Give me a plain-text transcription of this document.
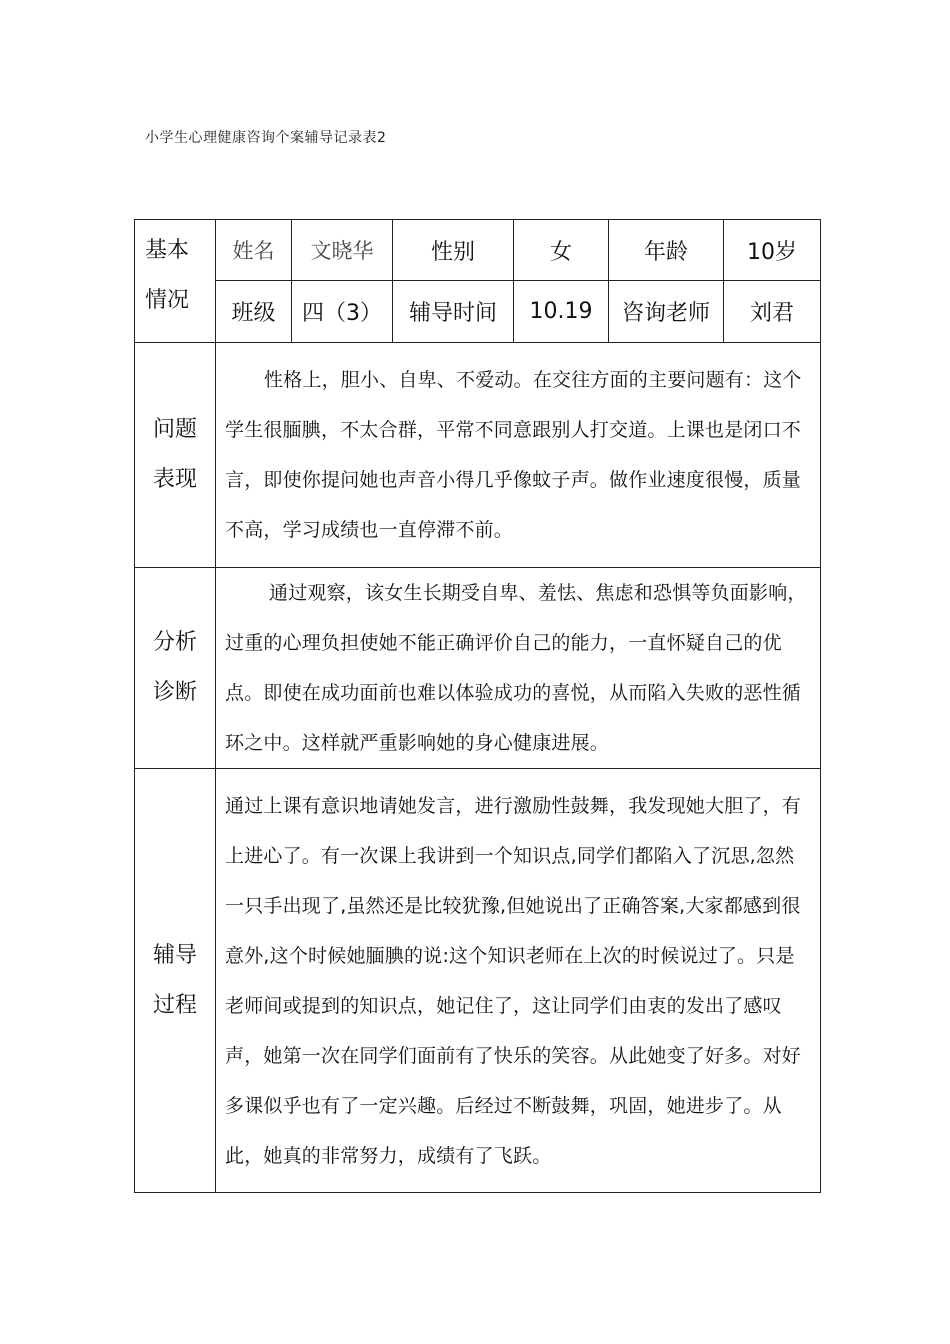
小学生心理健康咨询个案辅导记录表2
基本
情况	姓名	文晓华	性别	女	年龄	10岁
	班级	四（3）	辅导时间	10.19	咨询老师	刘君

问题
表现	性格上，胆小、自卑、不爱动。在交往方面的主要问题有：这个学生很腼腆，不太合群，平常不同意跟别人打交道。上课也是闭口不言，即使你提问她也声音小得几乎像蚊子声。做作业速度很慢，质量不高，学习成绩也一直停滞不前。					

分析
诊断	通过观察，该女生长期受自卑、羞怯、焦虑和恐惧等负面影响，过重的心理负担使她不能正确评价自己的能力，一直怀疑自己的优点。即使在成功面前也难以体验成功的喜悦，从而陷入失败的恶性循环之中。这样就严重影响她的身心健康进展。					

辅导
过程	通过上课有意识地请她发言，进行激励性鼓舞，我发现她大胆了，有上进心了。有一次课上我讲到一个知识点,同学们都陷入了沉思,忽然一只手出现了,虽然还是比较犹豫,但她说出了正确答案,大家都感到很意外,这个时候她腼腆的说:这个知识老师在上次的时候说过了。只是老师间或提到的知识点，她记住了，这让同学们由衷的发出了感叹声，她第一次在同学们面前有了快乐的笑容。从此她变了好多。对好多课似乎也有了一定兴趣。后经过不断鼓舞，巩固，她进步了。从此，她真的非常努力，成绩有了飞跃。					
